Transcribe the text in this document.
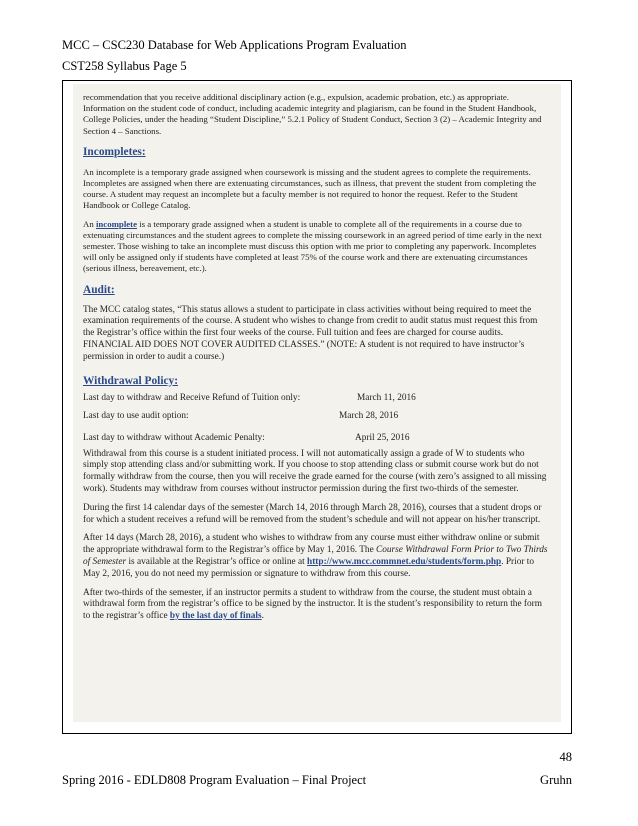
MCC – CSC230 Database for Web Applications Program Evaluation
CST258 Syllabus Page 5

recommendation that you receive additional disciplinary action (e.g., expulsion, academic probation, etc.) as appropriate. Information on the student code of conduct, including academic integrity and plagiarism, can be found in the Student Handbook, College Policies, under the heading “Student Discipline,” 5.2.1 Policy of Student Conduct, Section 3 (2) – Academic Integrity and Section 4 – Sanctions.

Incompletes:

An incomplete is a temporary grade assigned when coursework is missing and the student agrees to complete the requirements. Incompletes are assigned when there are extenuating circumstances, such as illness, that prevent the student from completing the course. A student may request an incomplete but a faculty member is not required to honor the request. Refer to the Student Handbook or College Catalog.

An incomplete is a temporary grade assigned when a student is unable to complete all of the requirements in a course due to extenuating circumstances and the student agrees to complete the missing coursework in an agreed period of time early in the next semester. Those wishing to take an incomplete must discuss this option with me prior to completing any paperwork. Incompletes will only be assigned only if students have completed at least 75% of the course work and there are extenuating circumstances (serious illness, bereavement, etc.).

Audit:

The MCC catalog states, “This status allows a student to participate in class activities without being required to meet the examination requirements of the course. A student who wishes to change from credit to audit status must request this from the Registrar’s office within the first four weeks of the course. Full tuition and fees are charged for course audits. FINANCIAL AID DOES NOT COVER AUDITED CLASSES.” (NOTE: A student is not required to have instructor’s permission in order to audit a course.)

Withdrawal Policy:

Last day to withdraw and Receive Refund of Tuition only:	March 11, 2016
Last day to use audit option:	March 28, 2016
Last day to withdraw without Academic Penalty:	April 25, 2016

Withdrawal from this course is a student initiated process. I will not automatically assign a grade of W to students who simply stop attending class and/or submitting work. If you choose to stop attending class or submit course work but do not formally withdraw from the course, then you will receive the grade earned for the course (with zero’s assigned to all missing work). Students may withdraw from courses without instructor permission during the first two-thirds of the semester.

During the first 14 calendar days of the semester (March 14, 2016 through March 28, 2016), courses that a student drops or for which a student receives a refund will be removed from the student’s schedule and will not appear on his/her transcript.

After 14 days (March 28, 2016), a student who wishes to withdraw from any course must either withdraw online or submit the appropriate withdrawal form to the Registrar’s office by May 1, 2016. The Course Withdrawal Form Prior to Two Thirds of Semester is available at the Registrar’s office or online at http://www.mcc.commnet.edu/students/form.php. Prior to May 2, 2016, you do not need my permission or signature to withdraw from this course.

After two-thirds of the semester, if an instructor permits a student to withdraw from the course, the student must obtain a withdrawal form from the registrar’s office to be signed by the instructor. It is the student’s responsibility to return the form to the registrar’s office by the last day of finals.

48
Spring 2016 - EDLD808 Program Evaluation – Final Project	Gruhn
